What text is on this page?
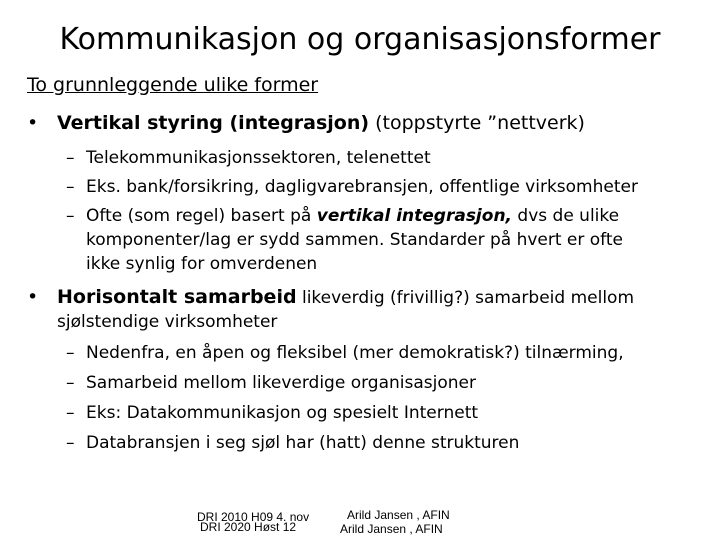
Kommunikasjon og organisasjonsformer
To grunnleggende ulike former
• Vertikal styring (integrasjon) (toppstyrte ”nettverk)
– Telekommunikasjonssektoren, telenettet
– Eks. bank/forsikring, dagligvarebransjen, offentlige virksomheter
– Ofte (som regel) basert på vertikal integrasjon, dvs de ulike
komponenter/lag er sydd sammen. Standarder på hvert er ofte
ikke synlig for omverdenen
• Horisontalt samarbeid likeverdig (frivillig?) samarbeid mellom
sjølstendige virksomheter
– Nedenfra, en åpen og fleksibel (mer demokratisk?) tilnærming,
– Samarbeid mellom likeverdige organisasjoner
– Eks: Datakommunikasjon og spesielt Internett
– Databransjen i seg sjøl har (hatt) denne strukturen
DRI 2010 H09 4. nov	Arild Jansen , AFIN
DRI 2020 Høst 12	Arild Jansen , AFIN
